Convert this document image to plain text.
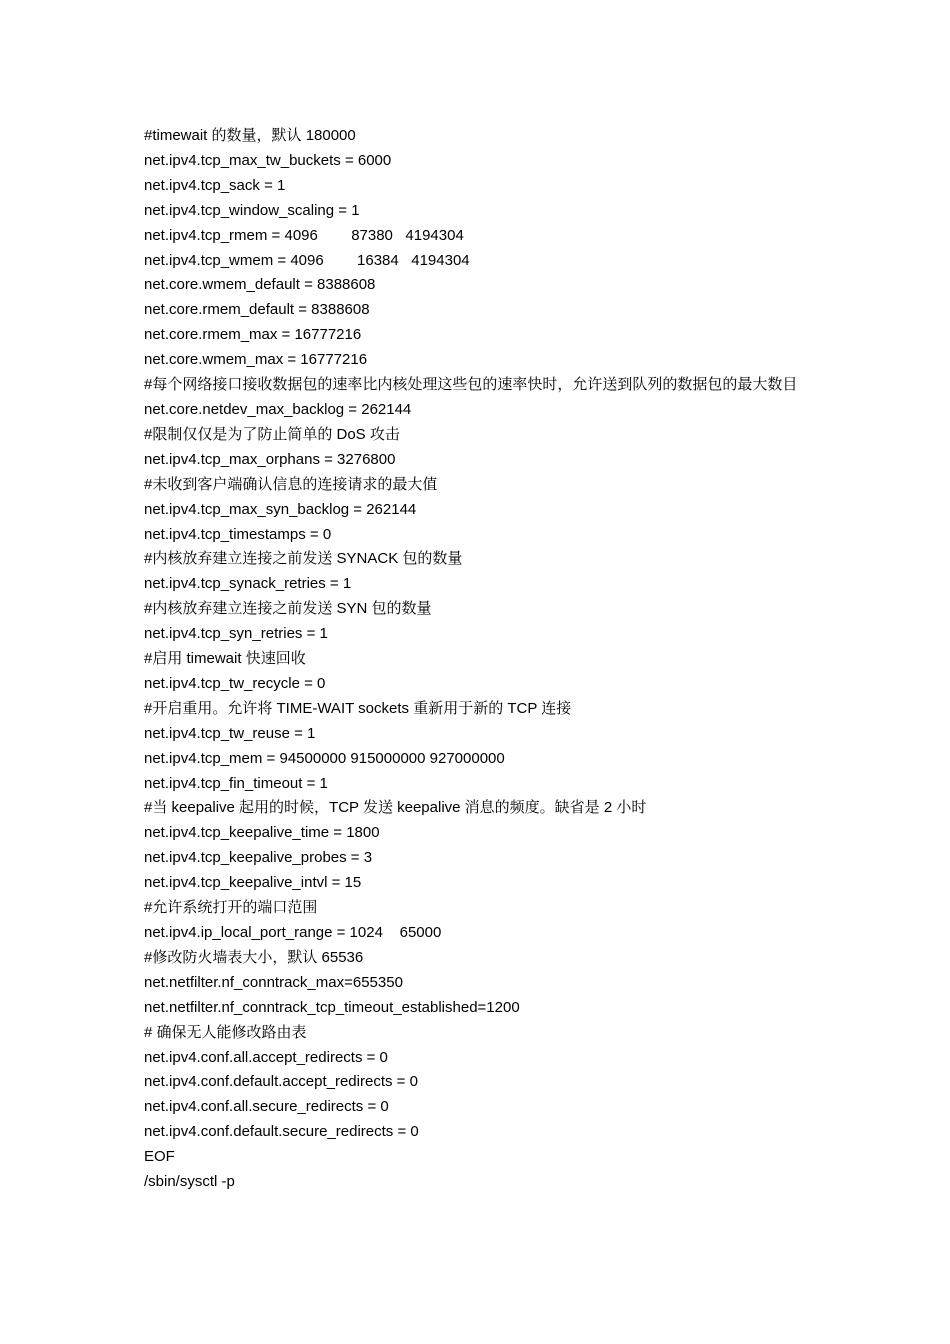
#timewait 的数量，默认 180000

net.ipv4.tcp_max_tw_buckets = 6000

net.ipv4.tcp_sack = 1

net.ipv4.tcp_window_scaling = 1

net.ipv4.tcp_rmem = 4096        87380   4194304

net.ipv4.tcp_wmem = 4096        16384   4194304

net.core.wmem_default = 8388608

net.core.rmem_default = 8388608

net.core.rmem_max = 16777216

net.core.wmem_max = 16777216

#每个网络接口接收数据包的速率比内核处理这些包的速率快时，允许送到队列的数据包的最大数目

net.core.netdev_max_backlog = 262144

#限制仅仅是为了防止简单的 DoS 攻击

net.ipv4.tcp_max_orphans = 3276800

#未收到客户端确认信息的连接请求的最大值

net.ipv4.tcp_max_syn_backlog = 262144

net.ipv4.tcp_timestamps = 0

#内核放弃建立连接之前发送 SYNACK 包的数量

net.ipv4.tcp_synack_retries = 1

#内核放弃建立连接之前发送 SYN 包的数量

net.ipv4.tcp_syn_retries = 1

#启用 timewait 快速回收

net.ipv4.tcp_tw_recycle = 0

#开启重用。允许将 TIME-WAIT sockets 重新用于新的 TCP 连接

net.ipv4.tcp_tw_reuse = 1

net.ipv4.tcp_mem = 94500000 915000000 927000000

net.ipv4.tcp_fin_timeout = 1

#当 keepalive 起用的时候，TCP 发送 keepalive 消息的频度。缺省是 2 小时

net.ipv4.tcp_keepalive_time = 1800

net.ipv4.tcp_keepalive_probes = 3

net.ipv4.tcp_keepalive_intvl = 15

#允许系统打开的端口范围

net.ipv4.ip_local_port_range = 1024    65000

#修改防火墙表大小，默认 65536

net.netfilter.nf_conntrack_max=655350

net.netfilter.nf_conntrack_tcp_timeout_established=1200

# 确保无人能修改路由表

net.ipv4.conf.all.accept_redirects = 0

net.ipv4.conf.default.accept_redirects = 0

net.ipv4.conf.all.secure_redirects = 0

net.ipv4.conf.default.secure_redirects = 0

EOF

/sbin/sysctl -p
